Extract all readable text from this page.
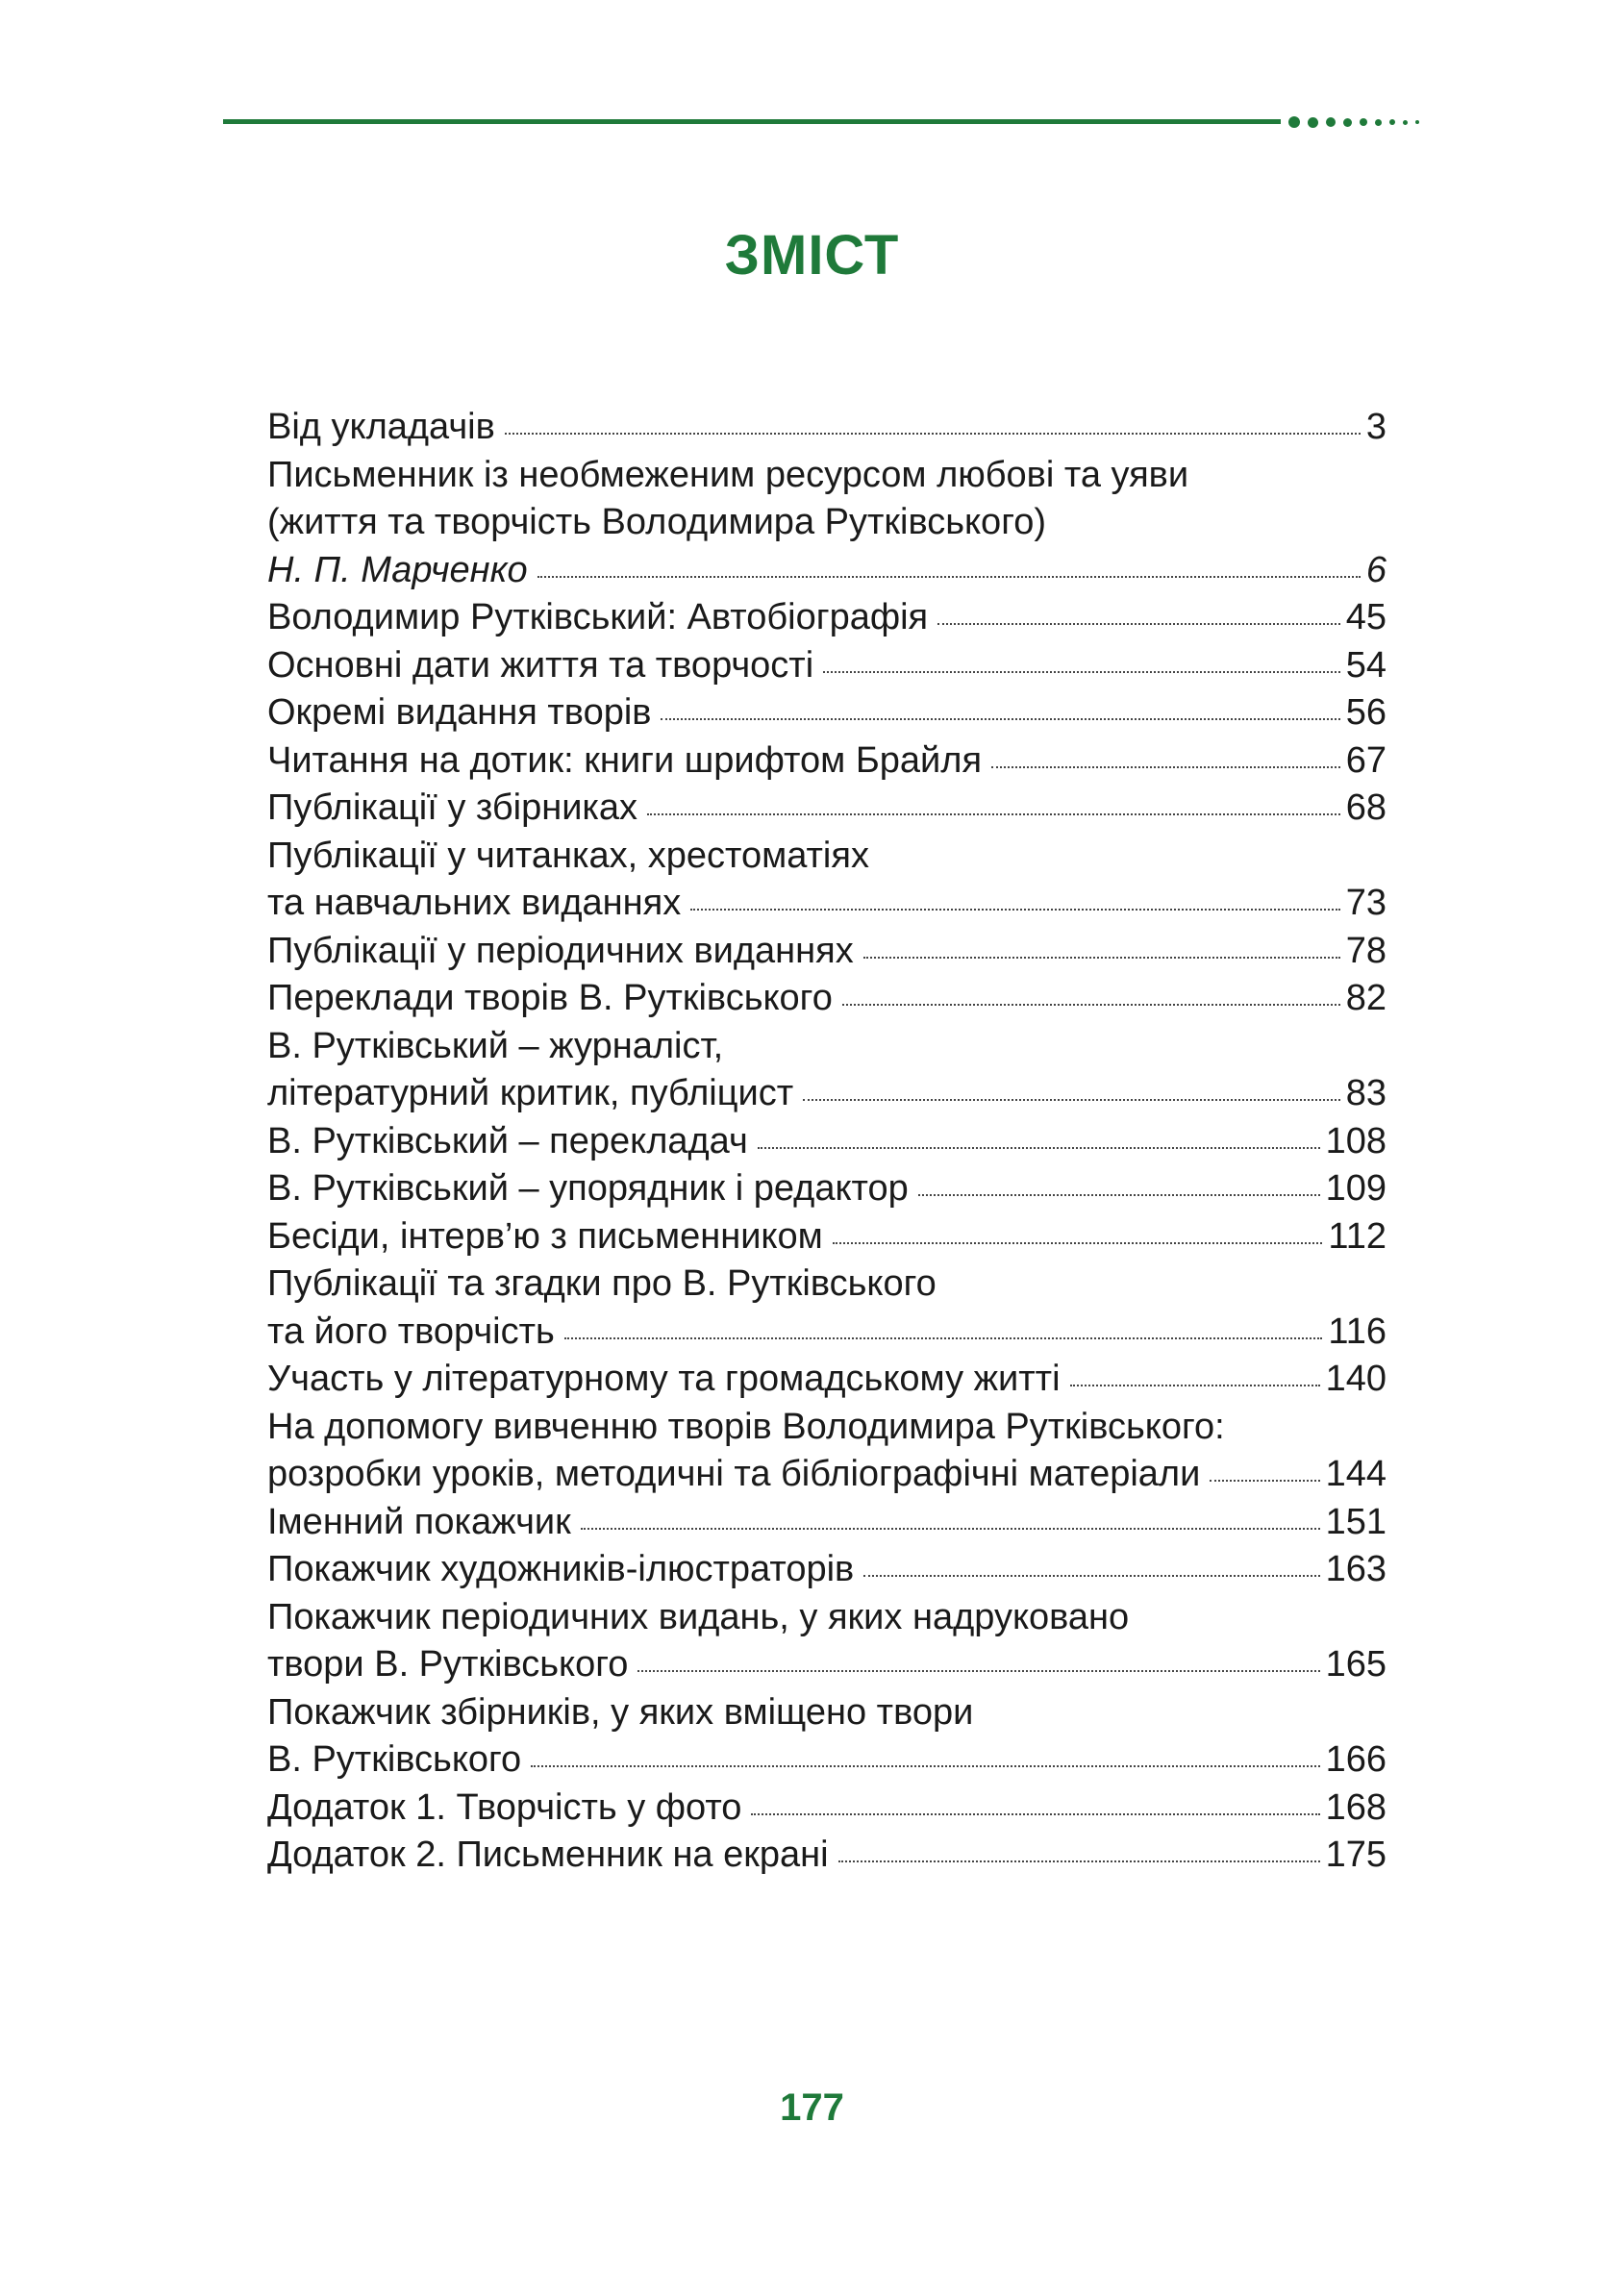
ЗМІСТ
Від укладачів	3
Письменник із необмеженим ресурсом любові та уяви
(життя та творчість Володимира Рутківського)
Н. П. Марченко	6
Володимир Рутківський: Автобіографія	45
Основні дати життя та творчості	54
Окремі видання творів	56
Читання на дотик: книги шрифтом Брайля	67
Публікації у збірниках	68
Публікації у читанках, хрестоматіях
та навчальних виданнях	73
Публікації у періодичних виданнях	78
Переклади творів В. Рутківського	82
В. Рутківський – журналіст,
літературний критик, публіцист	83
В. Рутківський – перекладач	108
В. Рутківський – упорядник і редактор	109
Бесіди, інтерв’ю з письменником	112
Публікації та згадки про В. Рутківського
та його творчість	116
Участь у літературному та громадському житті	140
На допомогу вивченню творів Володимира Рутківського:
розробки уроків, методичні та бібліографічні матеріали	144
Іменний покажчик	151
Покажчик художників-ілюстраторів	163
Покажчик періодичних видань, у яких надруковано
твори В. Рутківського	165
Покажчик збірників, у яких вміщено твори
В. Рутківського	166
Додаток 1. Творчість у фото	168
Додаток 2. Письменник на екрані	175
177
